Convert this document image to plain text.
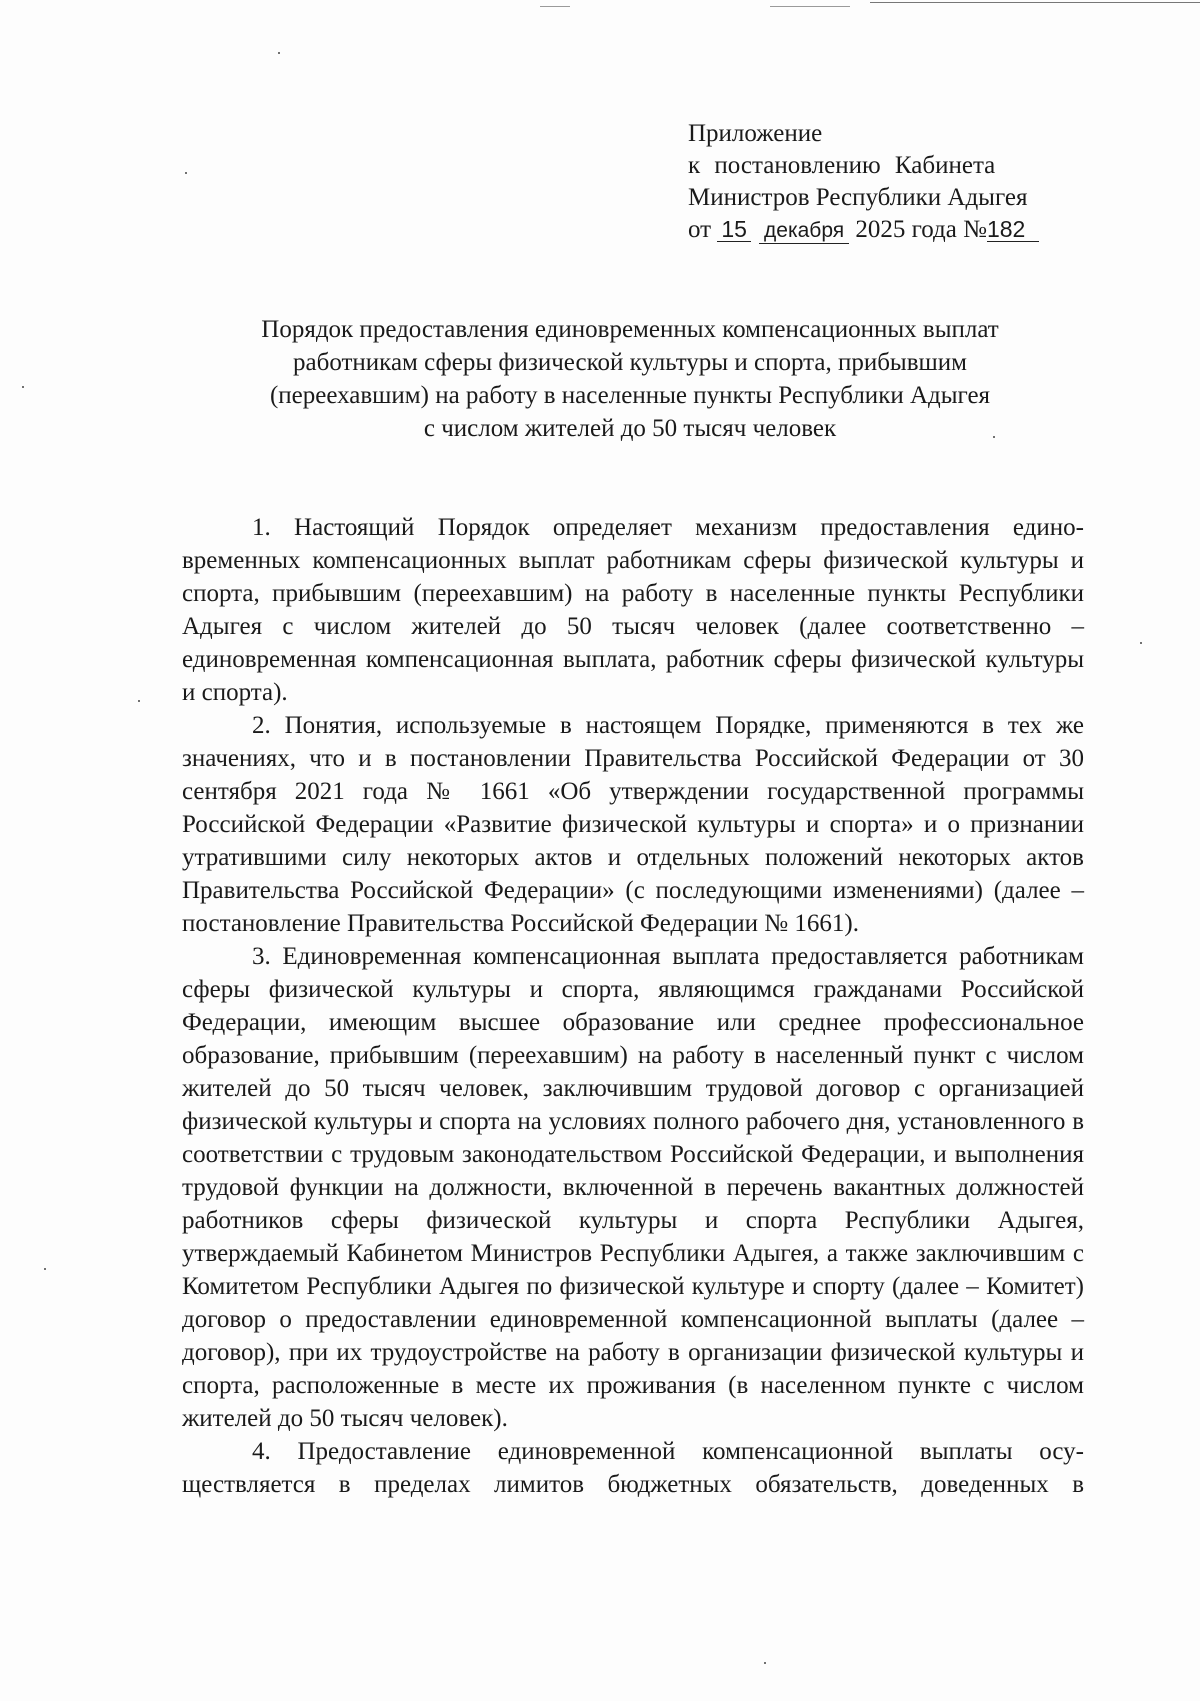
Приложение
к постановлению Кабинета
Министров Республики Адыгея
от 15 декабря 2025 года №182
Порядок предоставления единовременных компенсационных выплат
работникам сферы физической культуры и спорта, прибывшим
(переехавшим) на работу в населенные пункты Республики Адыгея
с числом жителей до 50 тысяч человек

1. Настоящий Порядок определяет механизм предоставления единовременных компенсационных выплат работникам сферы физической культуры и спорта, прибывшим (переехавшим) на работу в населенные пункты Республики Адыгея с числом жителей до 50 тысяч человек (далее соответственно – единовременная компенсационная выплата, работник сферы физической культуры и спорта).

2. Понятия, используемые в настоящем Порядке, применяются в тех же значениях, что и в постановлении Правительства Российской Федерации от 30 сентября 2021 года № 1661 «Об утверждении государственной программы Российской Федерации «Развитие физической культуры и спорта» и о признании утратившими силу некоторых актов и отдельных положений некоторых актов Правительства Российской Федерации» (с последующими изменениями) (далее – постановление Правительства Российской Федерации № 1661).

3. Единовременная компенсационная выплата предоставляется работникам сферы физической культуры и спорта, являющимся гражданами Российской Федерации, имеющим высшее образование или среднее профессиональное образование, прибывшим (переехавшим) на работу в населенный пункт с числом жителей до 50 тысяч человек, заключившим трудовой договор с организацией физической культуры и спорта на условиях полного рабочего дня, установленного в соответствии с трудовым законодательством Российской Федерации, и выполнения трудовой функции на должности, включенной в перечень вакантных должностей работников сферы физической культуры и спорта Республики Адыгея, утверждаемый Кабинетом Министров Республики Адыгея, а также заключившим с Комитетом Республики Адыгея по физической культуре и спорту (далее – Комитет) договор о предоставлении единовременной компенсационной выплаты (далее – договор), при их трудоустройстве на работу в организации физической культуры и спорта, расположенные в месте их проживания (в населенном пункте с числом жителей до 50 тысяч человек).

4. Предоставление единовременной компенсационной выплаты осуществляется в пределах лимитов бюджетных обязательств, доведенных в
